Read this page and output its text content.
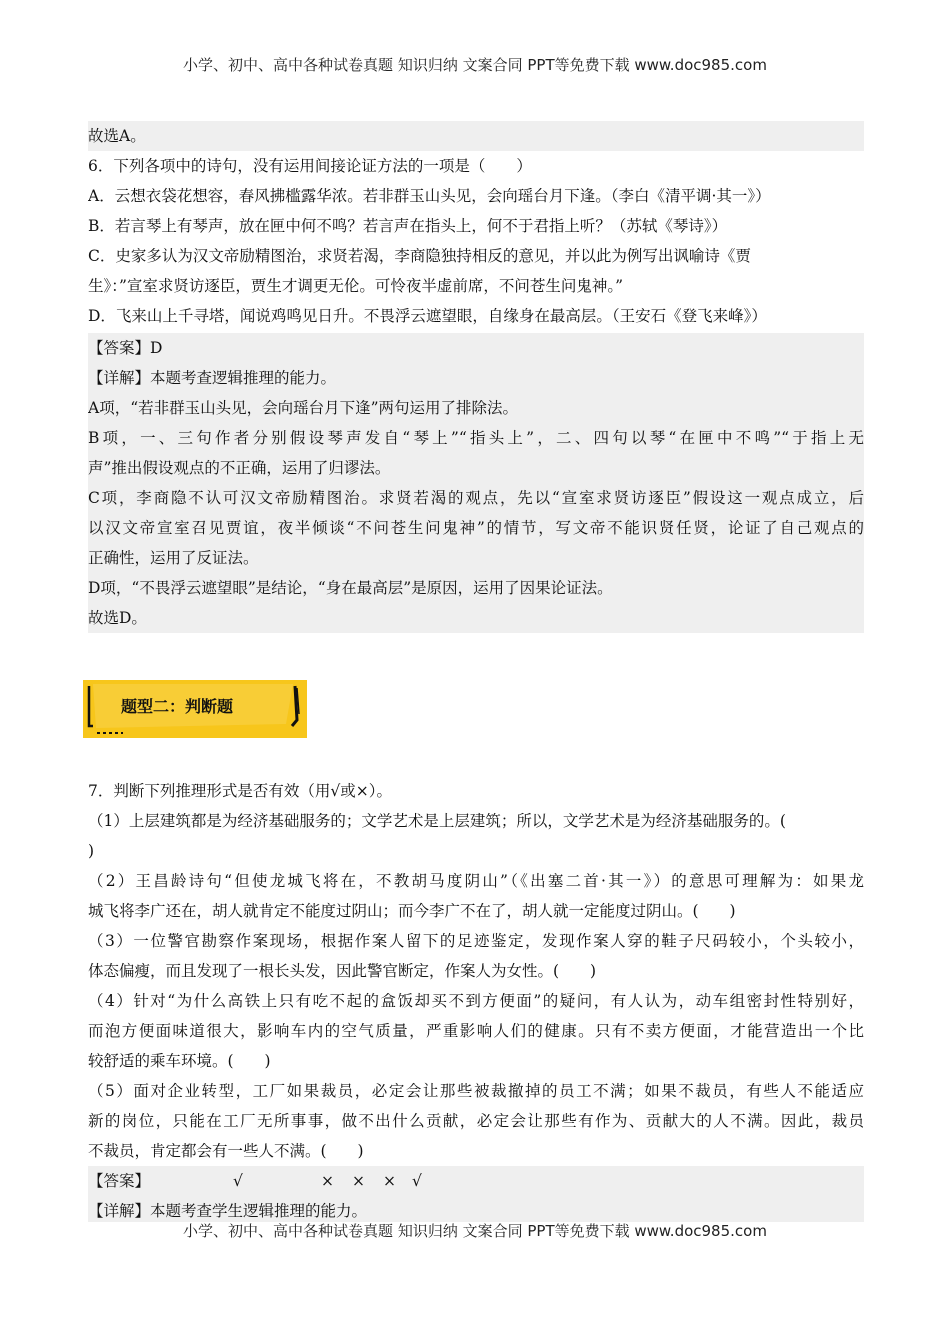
小学、初中、高中各种试卷真题 知识归纳 文案合同 PPT等免费下载 www.doc985.com
故选A。
6．下列各项中的诗句，没有运用间接论证方法的一项是（　　）
A．云想衣袋花想容，春风拂槛露华浓。若非群玉山头见，会向瑶台月下逢。（李白《清平调·其一》）
B．若言琴上有琴声，放在匣中何不鸣？若言声在指头上，何不于君指上听？（苏轼《琴诗》）
C．史家多认为汉文帝励精图治，求贤若渴，李商隐独持相反的意见，并以此为例写出讽喻诗《贾
生》：”宣室求贤访逐臣，贾生才调更无伦。可怜夜半虚前席，不问苍生问鬼神。”
D．飞来山上千寻塔，闻说鸡鸣见日升。不畏浮云遮望眼，自缘身在最高层。（王安石《登飞来峰》）
【答案】D
【详解】本题考查逻辑推理的能力。
A项，“若非群玉山头见，会向瑶台月下逢”两句运用了排除法。
B项，一、三句作者分别假设琴声发自“琴上”“指头上”，二、四句以琴“在匣中不鸣”“于指上无
声”推出假设观点的不正确，运用了归谬法。
C项，李商隐不认可汉文帝励精图治。求贤若渴的观点，先以“宣室求贤访逐臣”假设这一观点成立，后
以汉文帝宣室召见贾谊，夜半倾谈“不问苍生问鬼神”的情节，写文帝不能识贤任贤，论证了自己观点的
正确性，运用了反证法。
D项，“不畏浮云遮望眼”是结论，“身在最高层”是原因，运用了因果论证法。
故选D。
题型二：判断题
7．判断下列推理形式是否有效（用√或×）。
（1）上层建筑都是为经济基础服务的；文学艺术是上层建筑；所以，文学艺术是为经济基础服务的。(
)
（2）王昌龄诗句“但使龙城飞将在，不教胡马度阴山”（《出塞二首·其一》）的意思可理解为：如果龙
城飞将李广还在，胡人就肯定不能度过阴山；而今李广不在了，胡人就一定能度过阴山。(　　)
（3）一位警官勘察作案现场，根据作案人留下的足迹鉴定，发现作案人穿的鞋子尺码较小，个头较小，
体态偏瘦，而且发现了一根长头发，因此警官断定，作案人为女性。(　　)
（4）针对“为什么高铁上只有吃不起的盒饭却买不到方便面”的疑问，有人认为，动车组密封性特别好，
而泡方便面味道很大，影响车内的空气质量，严重影响人们的健康。只有不卖方便面，才能营造出一个比
较舒适的乘车环境。(　　)
（5）面对企业转型，工厂如果裁员，必定会让那些被裁撤掉的员工不满；如果不裁员，有些人不能适应
新的岗位，只能在工厂无所事事，做不出什么贡献，必定会让那些有作为、贡献大的人不满。因此，裁员
不裁员，肯定都会有一些人不满。(　　)
【答案】	√	× × × √
【详解】本题考查学生逻辑推理的能力。
小学、初中、高中各种试卷真题 知识归纳 文案合同 PPT等免费下载 www.doc985.com
